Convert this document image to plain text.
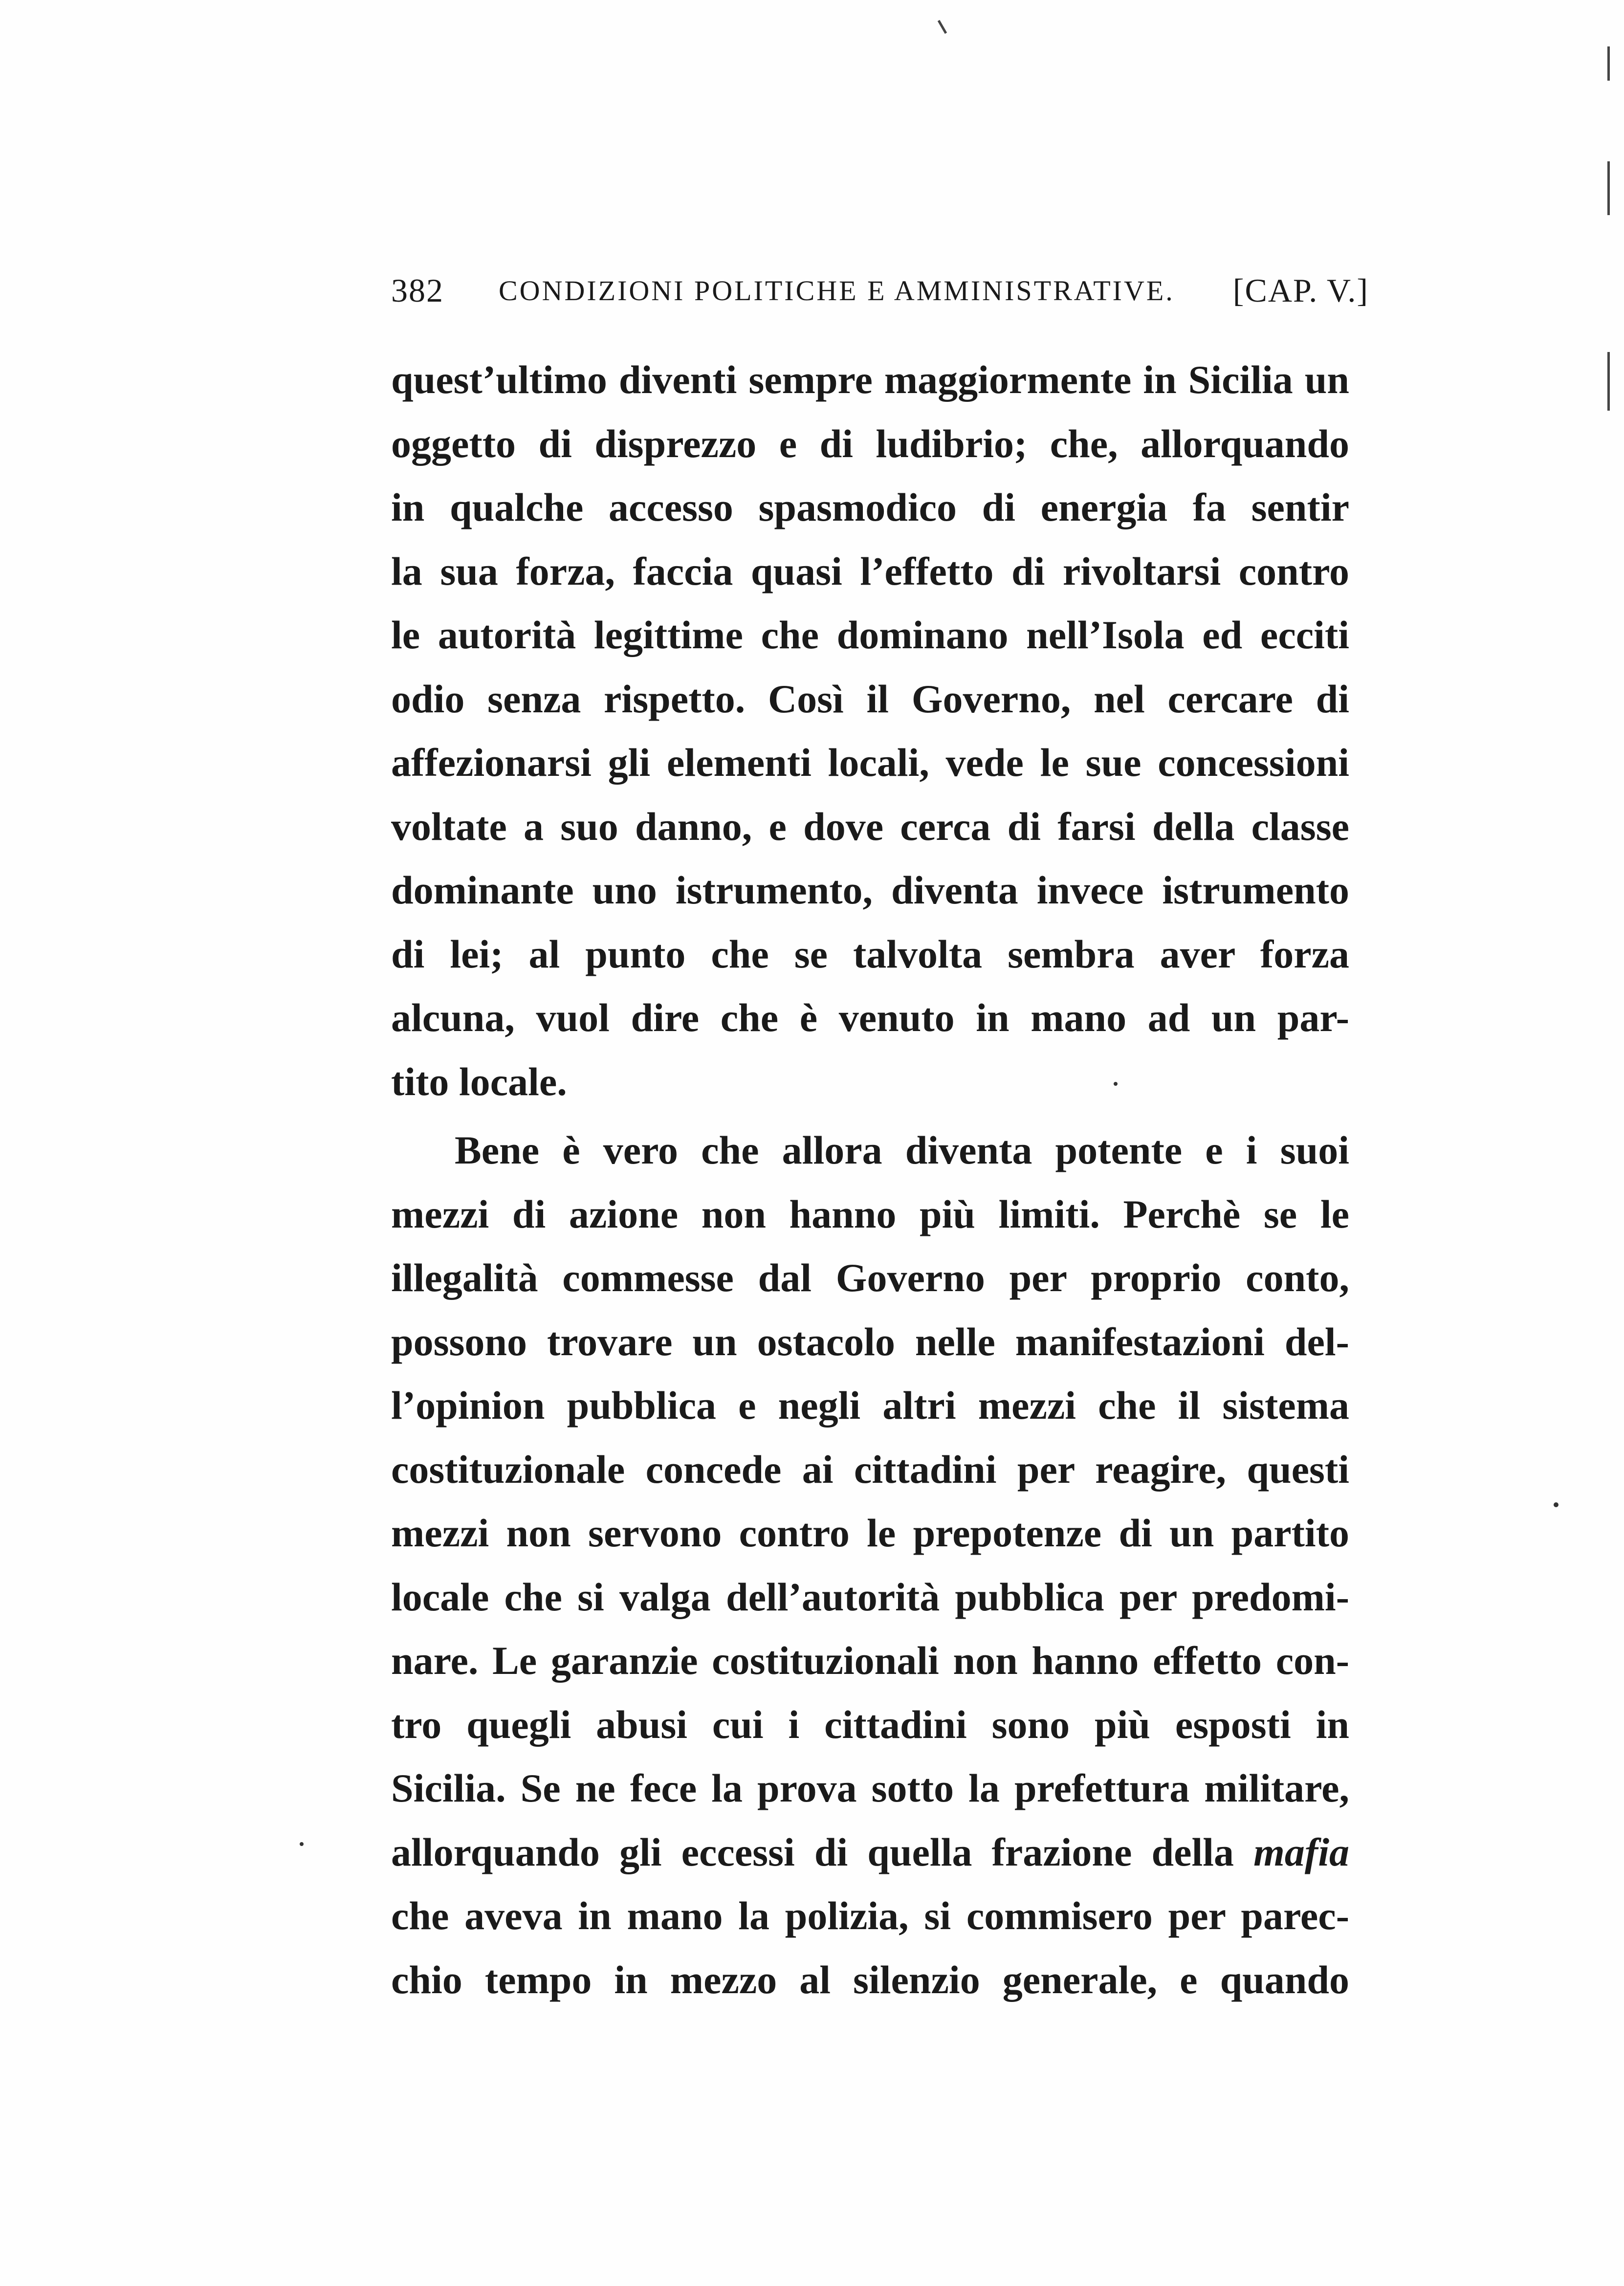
382 CONDIZIONI POLITICHE E AMMINISTRATIVE. [CAP. V.]
quest’ultimo diventi sempre maggiormente in Sicilia un
oggetto di disprezzo e di ludibrio; che, allorquando
in qualche accesso spasmodico di energia fa sentir
la sua forza, faccia quasi l’effetto di rivoltarsi contro
le autorità legittime che dominano nell’Isola ed ecciti
odio senza rispetto. Così il Governo, nel cercare di
affezionarsi gli elementi locali, vede le sue concessioni
voltate a suo danno, e dove cerca di farsi della classe
dominante uno istrumento, diventa invece istrumento
di lei; al punto che se talvolta sembra aver forza
alcuna, vuol dire che è venuto in mano ad un par-
tito locale.
Bene è vero che allora diventa potente e i suoi
mezzi di azione non hanno più limiti. Perchè se le
illegalità commesse dal Governo per proprio conto,
possono trovare un ostacolo nelle manifestazioni del-
l’opinion pubblica e negli altri mezzi che il sistema
costituzionale concede ai cittadini per reagire, questi
mezzi non servono contro le prepotenze di un partito
locale che si valga dell’autorità pubblica per predomi-
nare. Le garanzie costituzionali non hanno effetto con-
tro quegli abusi cui i cittadini sono più esposti in
Sicilia. Se ne fece la prova sotto la prefettura militare,
allorquando gli eccessi di quella frazione della mafia
che aveva in mano la polizia, si commisero per parec-
chio tempo in mezzo al silenzio generale, e quando
